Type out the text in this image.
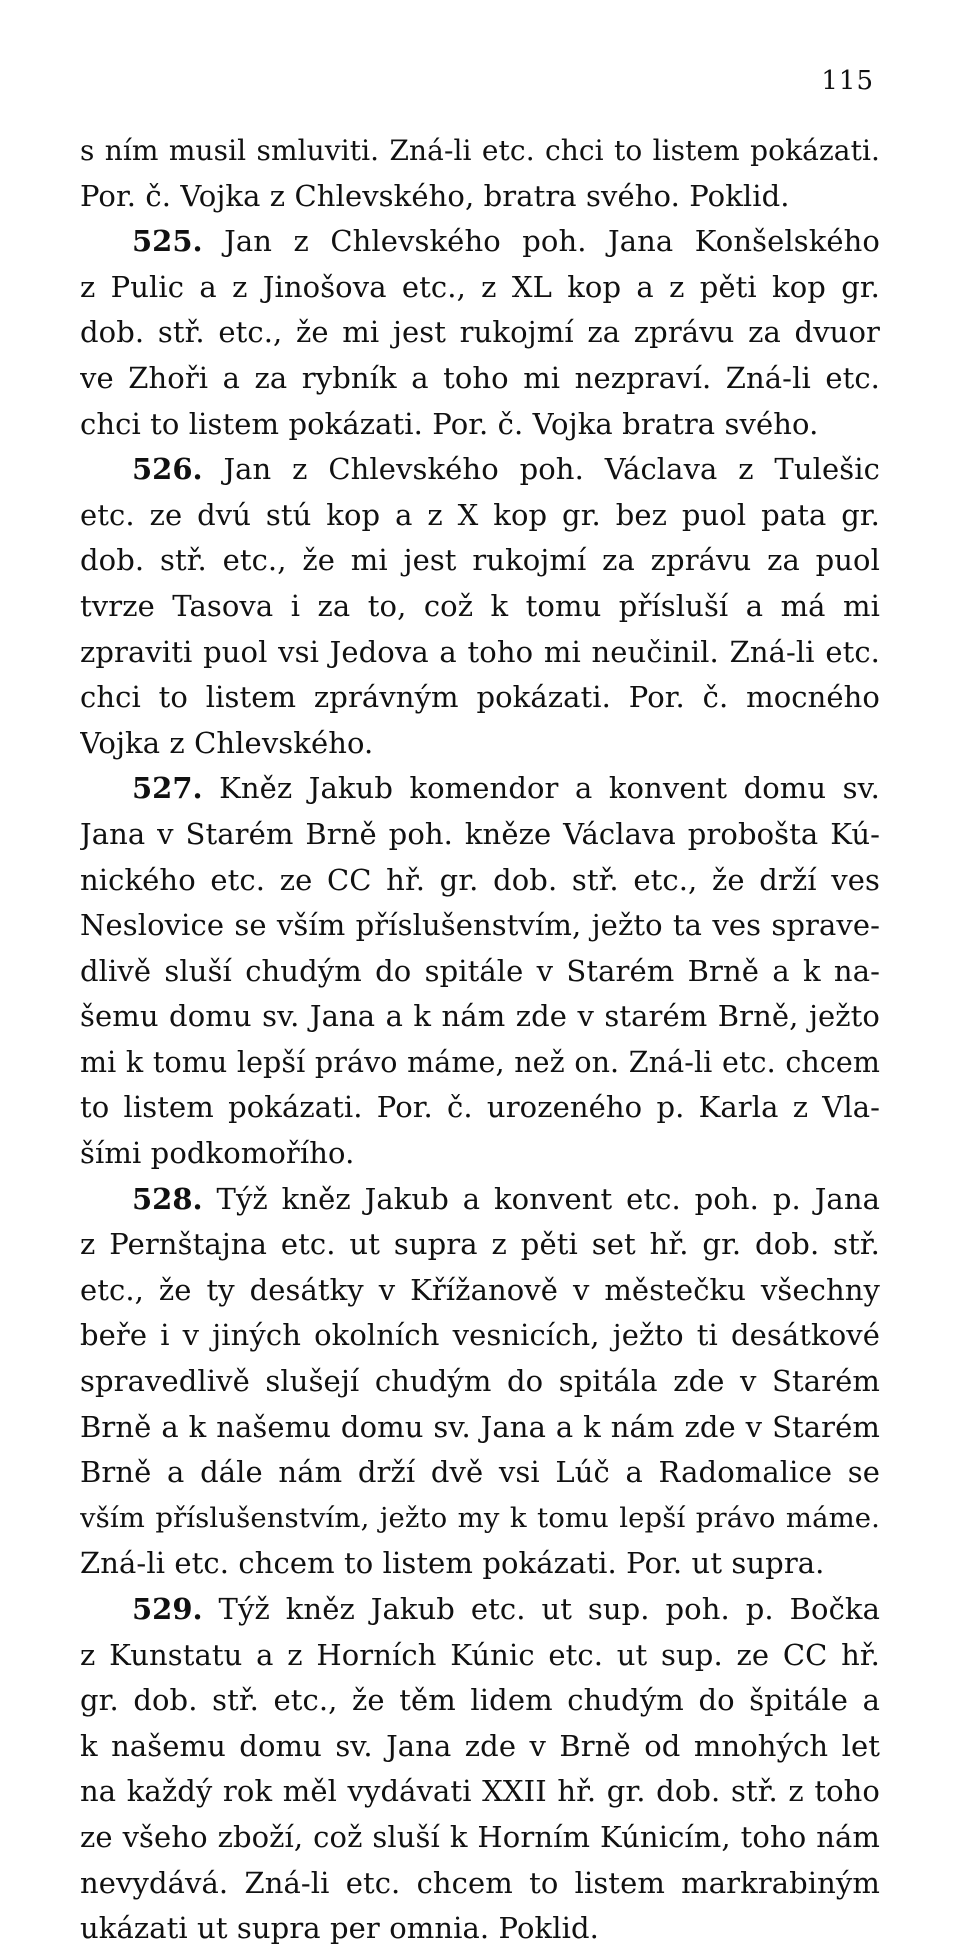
115
s ním musil smluviti. Zná-li etc. chci to listem pokázati.
Por. č. Vojka z Chlevského, bratra svého. Poklid.
525. Jan z Chlevského poh. Jana Konšelského
z Pulic a z Jinošova etc., z XL kop a z pěti kop gr.
dob. stř. etc., že mi jest rukojmí za zprávu za dvuor
ve Zhoři a za rybník a toho mi nezpraví. Zná-li etc.
chci to listem pokázati. Por. č. Vojka bratra svého.
526. Jan z Chlevského poh. Václava z Tulešic
etc. ze dvú stú kop a z X kop gr. bez puol pata gr.
dob. stř. etc., že mi jest rukojmí za zprávu za puol
tvrze Tasova i za to, což k tomu přísluší a má mi
zpraviti puol vsi Jedova a toho mi neučinil. Zná-li etc.
chci to listem zprávným pokázati. Por. č. mocného
Vojka z Chlevského.
527. Kněz Jakub komendor a konvent domu sv.
Jana v Starém Brně poh. kněze Václava probošta Kú-
nického etc. ze CC hř. gr. dob. stř. etc., že drží ves
Neslovice se vším příslušenstvím, ježto ta ves sprave-
dlivě sluší chudým do spitále v Starém Brně a k na-
šemu domu sv. Jana a k nám zde v starém Brně, ježto
mi k tomu lepší právo máme, než on. Zná-li etc. chcem
to listem pokázati. Por. č. urozeného p. Karla z Vla-
šími podkomořího.
528. Týž kněz Jakub a konvent etc. poh. p. Jana
z Pernštajna etc. ut supra z pěti set hř. gr. dob. stř.
etc., že ty desátky v Křížanově v městečku všechny
beře i v jiných okolních vesnicích, ježto ti desátkové
spravedlivě slušejí chudým do spitála zde v Starém
Brně a k našemu domu sv. Jana a k nám zde v Starém
Brně a dále nám drží dvě vsi Lúč a Radomalice se
vším příslušenstvím, ježto my k tomu lepší právo máme.
Zná-li etc. chcem to listem pokázati. Por. ut supra.
529. Týž kněz Jakub etc. ut sup. poh. p. Bočka
z Kunstatu a z Horních Kúnic etc. ut sup. ze CC hř.
gr. dob. stř. etc., že těm lidem chudým do špitále a
k našemu domu sv. Jana zde v Brně od mnohých let
na každý rok měl vydávati XXII hř. gr. dob. stř. z toho
ze všeho zboží, což sluší k Horním Kúnicím, toho nám
nevydává. Zná-li etc. chcem to listem markrabiným
ukázati ut supra per omnia. Poklid.
